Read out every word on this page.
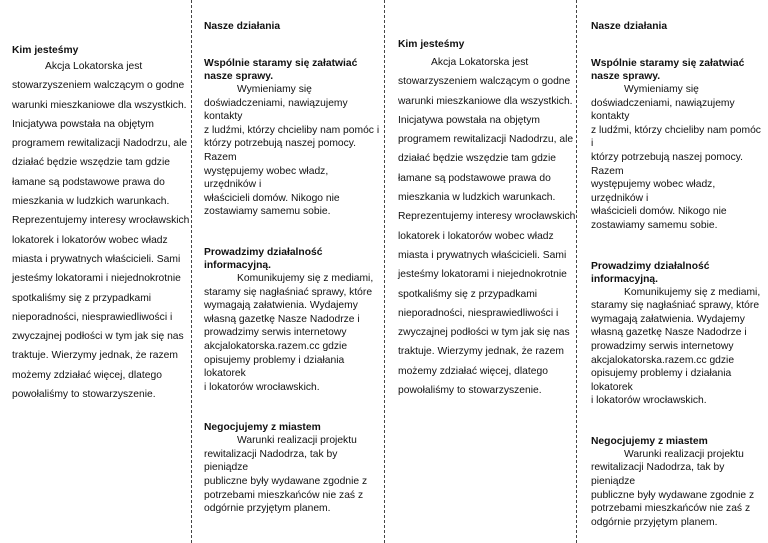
Kim jesteśmy

Akcja Lokatorska jest

stowarzyszeniem walczącym o godne

warunki mieszkaniowe dla wszystkich.

Inicjatywa powstała na objętym

programem rewitalizacji Nadodrzu, ale

działać będzie wszędzie tam gdzie

łamane są podstawowe prawa do

mieszkania w ludzkich warunkach.

Reprezentujemy interesy wrocławskich

lokatorek i lokatorów wobec władz

miasta i prywatnych właścicieli. Sami

jesteśmy lokatorami i niejednokrotnie

spotkaliśmy się z przypadkami

nieporadności, niesprawiedliwości i

zwyczajnej podłości w tym jak się nas

traktuje. Wierzymy jednak, że razem

możemy zdziałać więcej, dlatego

powołaliśmy to stowarzyszenie.

Nasze działania

Wspólnie staramy się załatwiać

nasze sprawy.

Wymieniamy się

doświadczeniami, nawiązujemy kontakty

z ludźmi, którzy chcieliby nam pomóc i

którzy potrzebują naszej pomocy. Razem

występujemy wobec władz, urzędników i

właścicieli domów. Nikogo nie

zostawiamy samemu sobie.

Prowadzimy działalność informacyjną.

Komunikujemy się z mediami,

staramy się nagłaśniać sprawy, które

wymagają załatwienia. Wydajemy

własną gazetkę Nasze Nadodrze i

prowadzimy serwis internetowy

akcjalokatorska.razem.cc gdzie

opisujemy problemy i działania lokatorek

i lokatorów wrocławskich.

Negocjujemy z miastem

Warunki realizacji projektu

rewitalizacji Nadodrza, tak by pieniądze

publiczne były wydawane zgodnie z

potrzebami mieszkańców nie zaś z

odgórnie przyjętym planem.

Kim jesteśmy

Akcja Lokatorska jest

stowarzyszeniem walczącym o godne

warunki mieszkaniowe dla wszystkich.

Inicjatywa powstała na objętym

programem rewitalizacji Nadodrzu, ale

działać będzie wszędzie tam gdzie

łamane są podstawowe prawa do

mieszkania w ludzkich warunkach.

Reprezentujemy interesy wrocławskich

lokatorek i lokatorów wobec władz

miasta i prywatnych właścicieli. Sami

jesteśmy lokatorami i niejednokrotnie

spotkaliśmy się z przypadkami

nieporadności, niesprawiedliwości i

zwyczajnej podłości w tym jak się nas

traktuje. Wierzymy jednak, że razem

możemy zdziałać więcej, dlatego

powołaliśmy to stowarzyszenie.

Nasze działania

Wspólnie staramy się załatwiać

nasze sprawy.

Wymieniamy się

doświadczeniami, nawiązujemy kontakty

z ludźmi, którzy chcieliby nam pomóc i

którzy potrzebują naszej pomocy. Razem

występujemy wobec władz, urzędników i

właścicieli domów. Nikogo nie

zostawiamy samemu sobie.

Prowadzimy działalność informacyjną.

Komunikujemy się z mediami,

staramy się nagłaśniać sprawy, które

wymagają załatwienia. Wydajemy

własną gazetkę Nasze Nadodrze i

prowadzimy serwis internetowy

akcjalokatorska.razem.cc gdzie

opisujemy problemy i działania lokatorek

i lokatorów wrocławskich.

Negocjujemy z miastem

Warunki realizacji projektu

rewitalizacji Nadodrza, tak by pieniądze

publiczne były wydawane zgodnie z

potrzebami mieszkańców nie zaś z

odgórnie przyjętym planem.
